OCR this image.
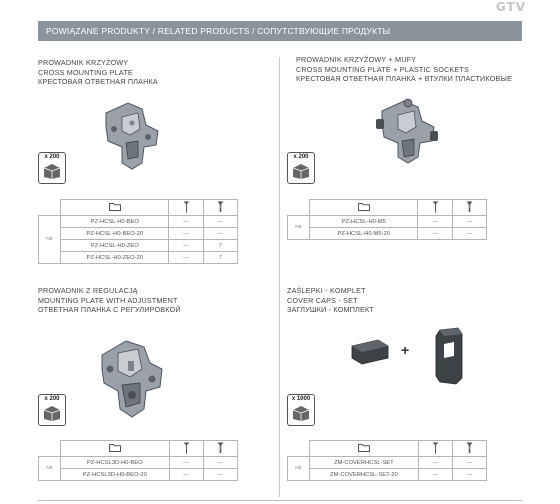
GTV
POWIĄZANE PRODUKTY / RELATED PRODUCTS / СОПУТСТВУЮЩИЕ ПРОДУКТЫ
PROWADNIK KRZYŻOWY
CROSS MOUNTING PLATE
КРЕСТОВАЯ ОТВЕТНАЯ ПЛАНКА
x 200

NE	PZ-HCSL-H0-BEO	—	—
	PZ-HCSL-H0-BEO-20	—	—
	PZ-HCSL-H0-ZEO	—	7
	PZ-HCSL-H0-ZEO-20	—	7
PROWADNIK KRZYŻOWY + MUFY
CROSS MOUNTING PLATE + PLASTIC SOCKETS
КРЕСТОВАЯ ОТВЕТНАЯ ПЛАНКА + ВТУЛКИ ПЛАСТИКОВЫЕ
x 200

NE	PZ-HCSL-H0-M5	—	—
	PZ-HCSL-H0-M5-20	—	—
PROWADNIK Z REGULACJĄ
MOUNTING PLATE WITH ADJUSTMENT
ОТВЕТНАЯ ПЛАНКА С РЕГУЛИРОВКОЙ
x 200

NE	PZ-HCSL3D-H0-BEO	—	—
	PZ-HCSL3D-H0-BEO-20	—	—
ZAŚLEPKI - KOMPLET
COVER CAPS - SET
ЗАГЛУШКИ - КОМПЛЕКТ
+
x 1000

NE	ZM-COVERHCSL-SET	—	—
	ZM-COVERHCSL-SET-20	—	—
